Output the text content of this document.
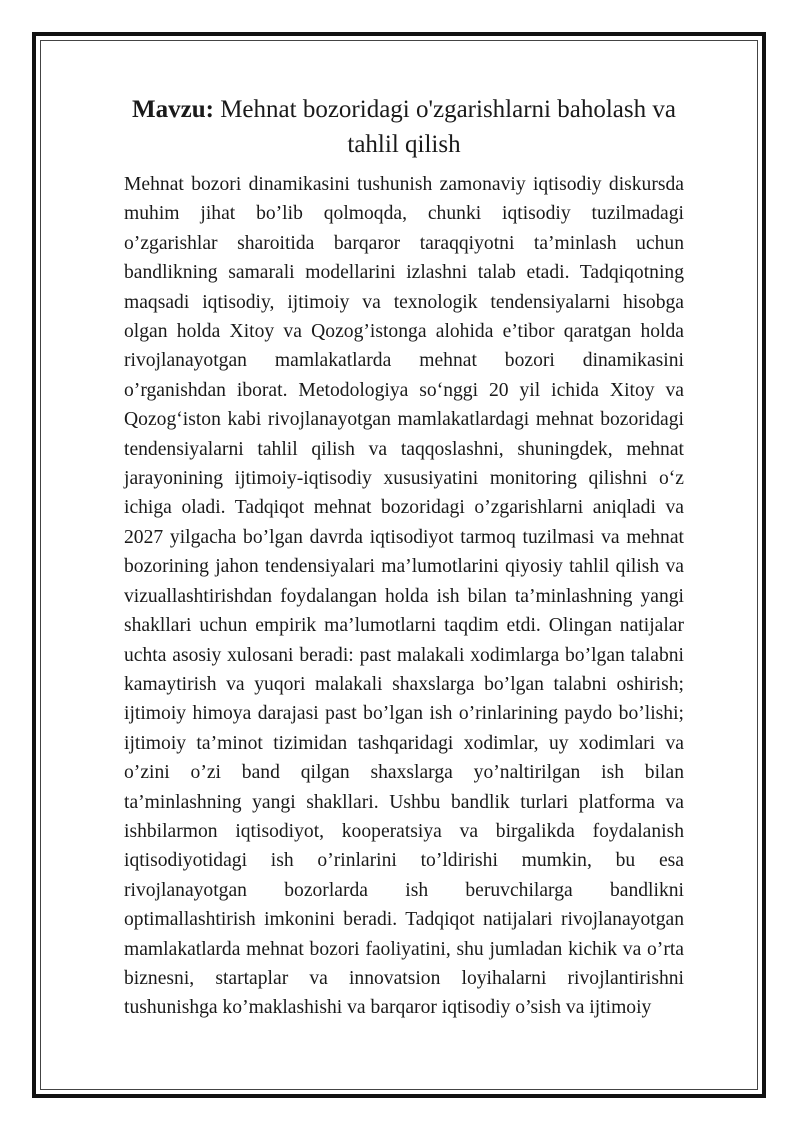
Mavzu: Mehnat bozoridagi o'zgarishlarni baholash va tahlil qilish

Mehnat bozori dinamikasini tushunish zamonaviy iqtisodiy diskursda muhim jihat bo’lib qolmoqda, chunki iqtisodiy tuzilmadagi o’zgarishlar sharoitida barqaror taraqqiyotni ta’minlash uchun bandlikning samarali modellarini izlashni talab etadi. Tadqiqotning maqsadi iqtisodiy, ijtimoiy va texnologik tendensiyalarni hisobga olgan holda Xitoy va Qozog’istonga alohida e’tibor qaratgan holda rivojlanayotgan mamlakatlarda mehnat bozori dinamikasini o’rganishdan iborat. Metodologiya so‘nggi 20 yil ichida Xitoy va Qozog‘iston kabi rivojlanayotgan mamlakatlardagi mehnat bozoridagi tendensiyalarni tahlil qilish va taqqoslashni, shuningdek, mehnat jarayonining ijtimoiy-iqtisodiy xususiyatini monitoring qilishni o‘z ichiga oladi. Tadqiqot mehnat bozoridagi o’zgarishlarni aniqladi va 2027 yilgacha bo’lgan davrda iqtisodiyot tarmoq tuzilmasi va mehnat bozorining jahon tendensiyalari ma’lumotlarini qiyosiy tahlil qilish va vizuallashtirishdan foydalangan holda ish bilan ta’minlashning yangi shakllari uchun empirik ma’lumotlarni taqdim etdi. Olingan natijalar uchta asosiy xulosani beradi: past malakali xodimlarga bo’lgan talabni kamaytirish va yuqori malakali shaxslarga bo’lgan talabni oshirish; ijtimoiy himoya darajasi past bo’lgan ish o’rinlarining paydo bo’lishi; ijtimoiy ta’minot tizimidan tashqaridagi xodimlar, uy xodimlari va o’zini o’zi band qilgan shaxslarga yo’naltirilgan ish bilan ta’minlashning yangi shakllari. Ushbu bandlik turlari platforma va ishbilarmon iqtisodiyot, kooperatsiya va birgalikda foydalanish iqtisodiyotidagi ish o’rinlarini to’ldirishi mumkin, bu esa rivojlanayotgan bozorlarda ish beruvchilarga bandlikni optimallashtirish imkonini beradi. Tadqiqot natijalari rivojlanayotgan mamlakatlarda mehnat bozori faoliyatini, shu jumladan kichik va o’rta biznesni, startaplar va innovatsion loyihalarni rivojlantirishni tushunishga ko’maklashishi va barqaror iqtisodiy o’sish va ijtimoiy
